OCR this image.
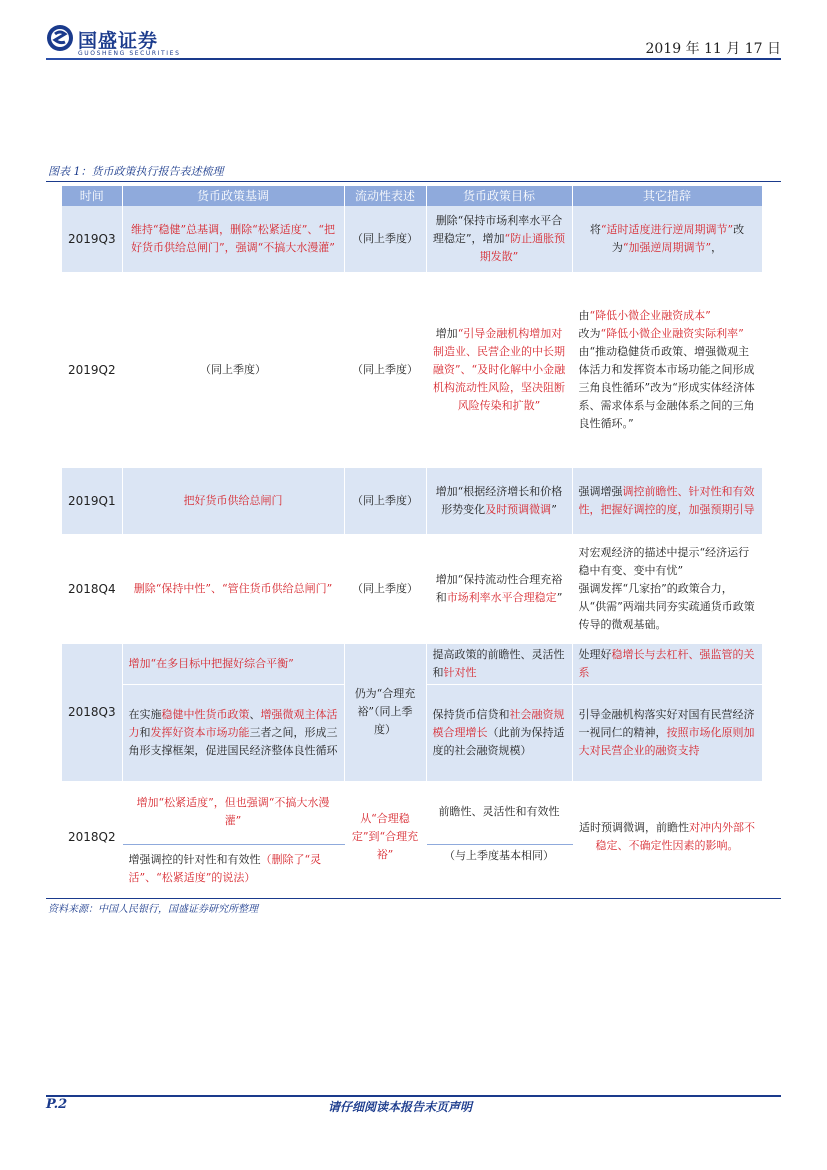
国盛证券
GUOSHENG SECURITIES	2019 年 11 月 17 日
图表 1：货币政策执行报告表述梳理
时间	货币政策基调	流动性表述	货币政策目标	其它措辞
2019Q3	维持“稳健”总基调，删除“松紧适度”、“把好货币供给总闸门”，强调“不搞大水漫灌”	（同上季度）	删除“保持市场利率水平合理稳定”，增加“防止通胀预期发散”	将“适时适度进行逆周期调节”改为“加强逆周期调节”，
2019Q2	（同上季度）	（同上季度）	增加“引导金融机构增加对制造业、民营企业的中长期融资”、“及时化解中小金融机构流动性风险，坚决阻断风险传染和扩散”	由“降低小微企业融资成本”
改为“降低小微企业融资实际利率”
由“推动稳健货币政策、增强微观主体活力和发挥资本市场功能之间形成三角良性循环”改为“形成实体经济体系、需求体系与金融体系之间的三角良性循环。”
2019Q1	把好货币供给总闸门	（同上季度）	增加“根据经济增长和价格形势变化及时预调微调”	强调增强调控前瞻性、针对性和有效性，把握好调控的度，加强预期引导
2018Q4	删除“保持中性”、“管住货币供给总闸门”	（同上季度）	增加“保持流动性合理充裕和市场利率水平合理稳定”	对宏观经济的描述中提示“经济运行稳中有变、变中有忧”
强调发挥“几家抬”的政策合力，从“供需”两端共同夯实疏通货币政策传导的微观基础。
2018Q3	增加“在多目标中把握好综合平衡”	仍为“合理充裕”（同上季度）	提高政策的前瞻性、灵活性和针对性	处理好稳增长与去杠杆、强监管的关系
	在实施稳健中性货币政策、增强微观主体活力和发挥好资本市场功能三者之间，形成三角形支撑框架，促进国民经济整体良性循环		保持货币信贷和社会融资规模合理增长（此前为保持适度的社会融资规模）	引导金融机构落实好对国有民营经济一视同仁的精神，按照市场化原则加大对民营企业的融资支持
2018Q2	增加“松紧适度”，但也强调“不搞大水漫灌”	从“合理稳定”到“合理充裕”	前瞻性、灵活性和有效性	适时预调微调，前瞻性对冲内外部不稳定、不确定性因素的影响。
	增强调控的针对性和有效性（删除了“灵活”、“松紧适度”的说法）		（与上季度基本相同）	
资料来源：中国人民银行，国盛证券研究所整理
P.2	请仔细阅读本报告末页声明
